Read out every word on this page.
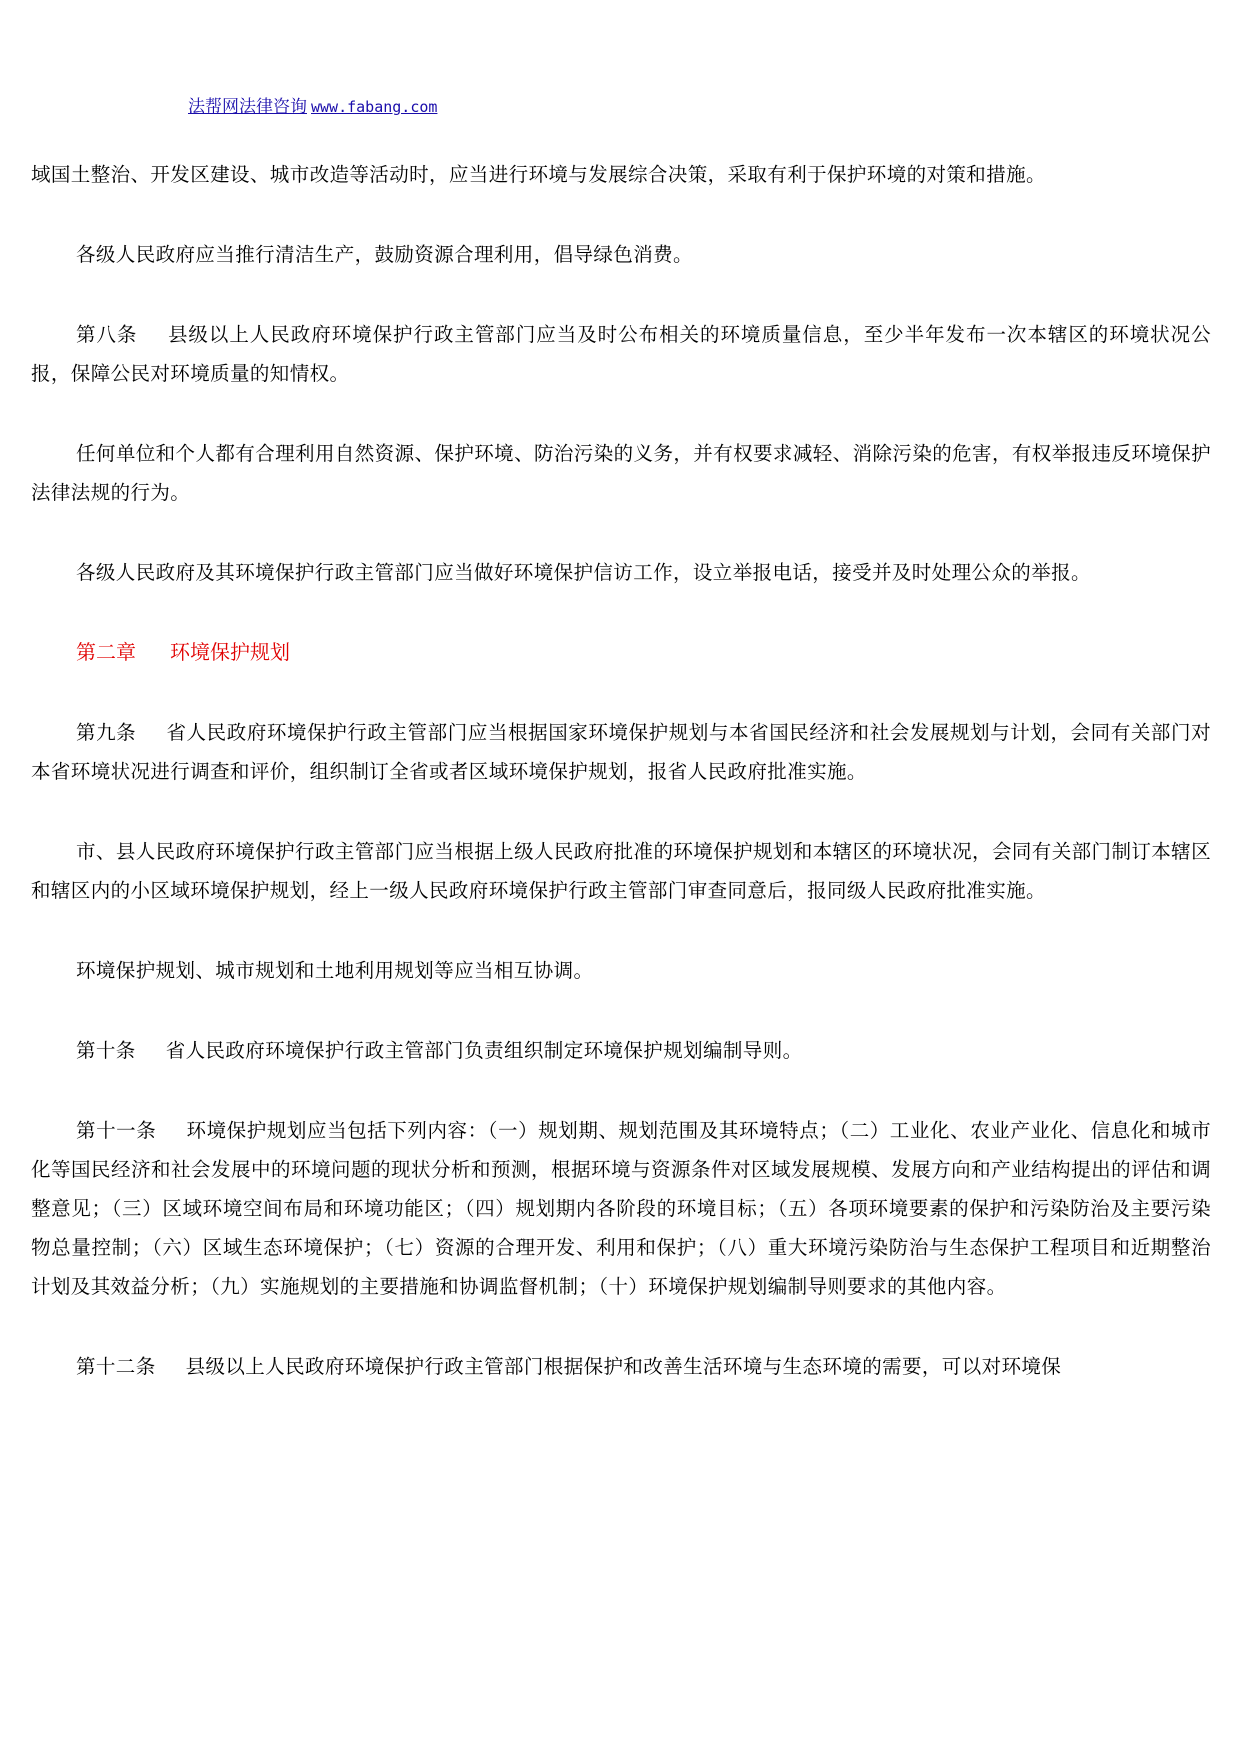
法帮网法律咨询 www.fabang.com

域国土整治、开发区建设、城市改造等活动时，应当进行环境与发展综合决策，采取有利于保护环境的对策和措施。

各级人民政府应当推行清洁生产，鼓励资源合理利用，倡导绿色消费。

第八条 县级以上人民政府环境保护行政主管部门应当及时公布相关的环境质量信息，至少半年发布一次本辖区的环境状况公报，保障公民对环境质量的知情权。

任何单位和个人都有合理利用自然资源、保护环境、防治污染的义务，并有权要求减轻、消除污染的危害，有权举报违反环境保护法律法规的行为。

各级人民政府及其环境保护行政主管部门应当做好环境保护信访工作，设立举报电话，接受并及时处理公众的举报。

第二章 环境保护规划

第九条 省人民政府环境保护行政主管部门应当根据国家环境保护规划与本省国民经济和社会发展规划与计划，会同有关部门对本省环境状况进行调查和评价，组织制订全省或者区域环境保护规划，报省人民政府批准实施。

市、县人民政府环境保护行政主管部门应当根据上级人民政府批准的环境保护规划和本辖区的环境状况，会同有关部门制订本辖区和辖区内的小区域环境保护规划，经上一级人民政府环境保护行政主管部门审查同意后，报同级人民政府批准实施。

环境保护规划、城市规划和土地利用规划等应当相互协调。

第十条 省人民政府环境保护行政主管部门负责组织制定环境保护规划编制导则。

第十一条 环境保护规划应当包括下列内容：（一）规划期、规划范围及其环境特点；（二）工业化、农业产业化、信息化和城市化等国民经济和社会发展中的环境问题的现状分析和预测，根据环境与资源条件对区域发展规模、发展方向和产业结构提出的评估和调整意见；（三）区域环境空间布局和环境功能区；（四）规划期内各阶段的环境目标；（五）各项环境要素的保护和污染防治及主要污染物总量控制；（六）区域生态环境保护；（七）资源的合理开发、利用和保护；（八）重大环境污染防治与生态保护工程项目和近期整治计划及其效益分析；（九）实施规划的主要措施和协调监督机制；（十）环境保护规划编制导则要求的其他内容。

第十二条 县级以上人民政府环境保护行政主管部门根据保护和改善生活环境与生态环境的需要，可以对环境保
